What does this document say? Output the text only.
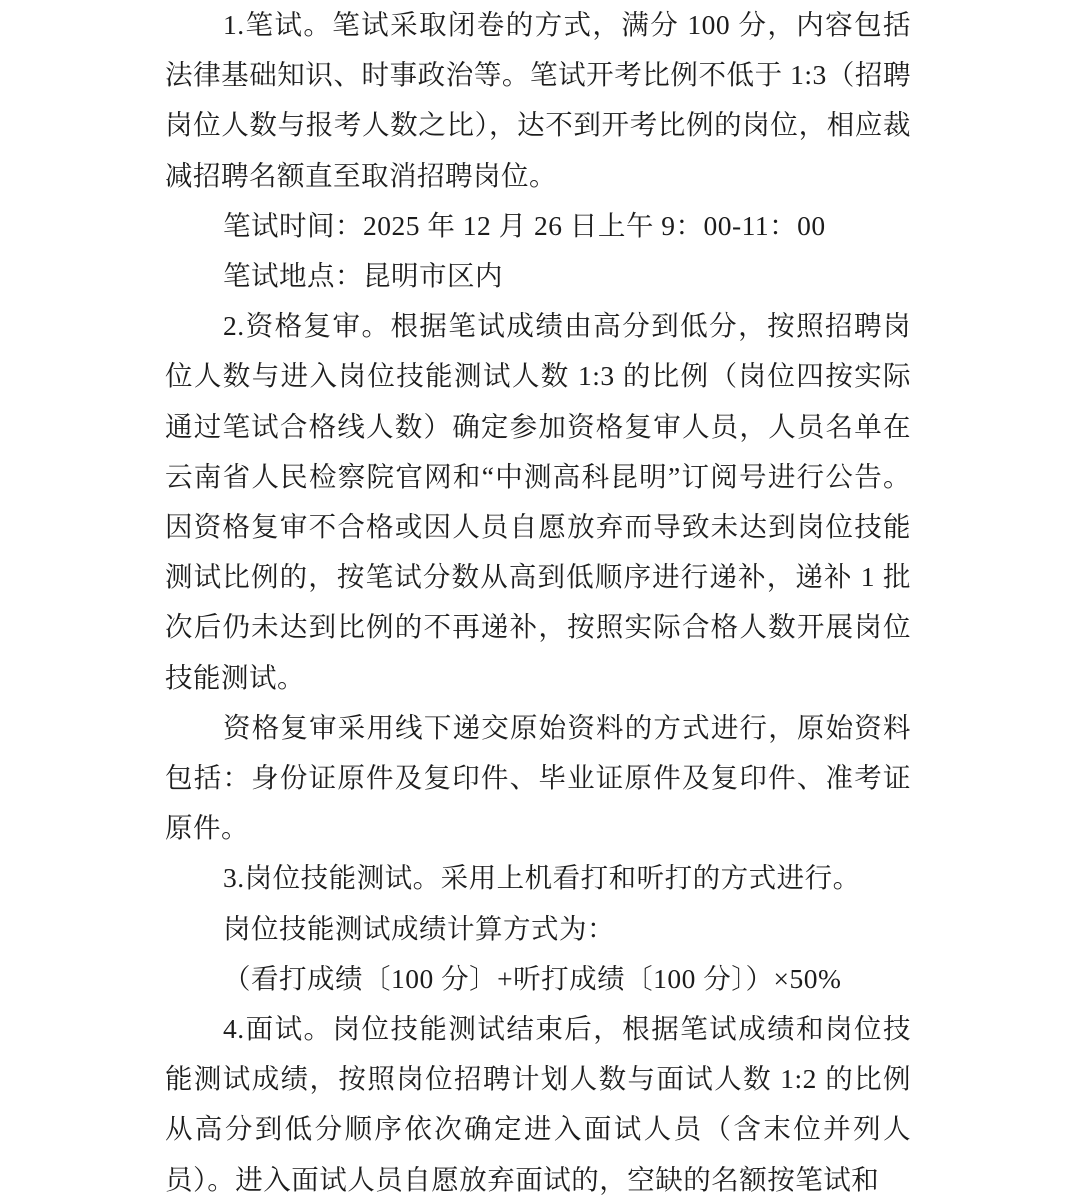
1.笔试。笔试采取闭卷的方式，满分 100 分，内容包括法律基础知识、时事政治等。笔试开考比例不低于 1:3（招聘岗位人数与报考人数之比），达不到开考比例的岗位，相应裁减招聘名额直至取消招聘岗位。

笔试时间：2025 年 12 月 26 日上午 9：00-11：00

笔试地点：昆明市区内

2.资格复审。根据笔试成绩由高分到低分，按照招聘岗位人数与进入岗位技能测试人数 1:3 的比例（岗位四按实际通过笔试合格线人数）确定参加资格复审人员，人员名单在云南省人民检察院官网和“中测高科昆明”订阅号进行公告。因资格复审不合格或因人员自愿放弃而导致未达到岗位技能测试比例的，按笔试分数从高到低顺序进行递补，递补 1 批次后仍未达到比例的不再递补，按照实际合格人数开展岗位技能测试。

资格复审采用线下递交原始资料的方式进行，原始资料包括：身份证原件及复印件、毕业证原件及复印件、准考证原件。

3.岗位技能测试。采用上机看打和听打的方式进行。

岗位技能测试成绩计算方式为：

（看打成绩〔100 分〕+听打成绩〔100 分〕）×50%

4.面试。岗位技能测试结束后，根据笔试成绩和岗位技能测试成绩，按照岗位招聘计划人数与面试人数 1:2 的比例从高分到低分顺序依次确定进入面试人员（含末位并列人员）。进入面试人员自愿放弃面试的，空缺的名额按笔试和
